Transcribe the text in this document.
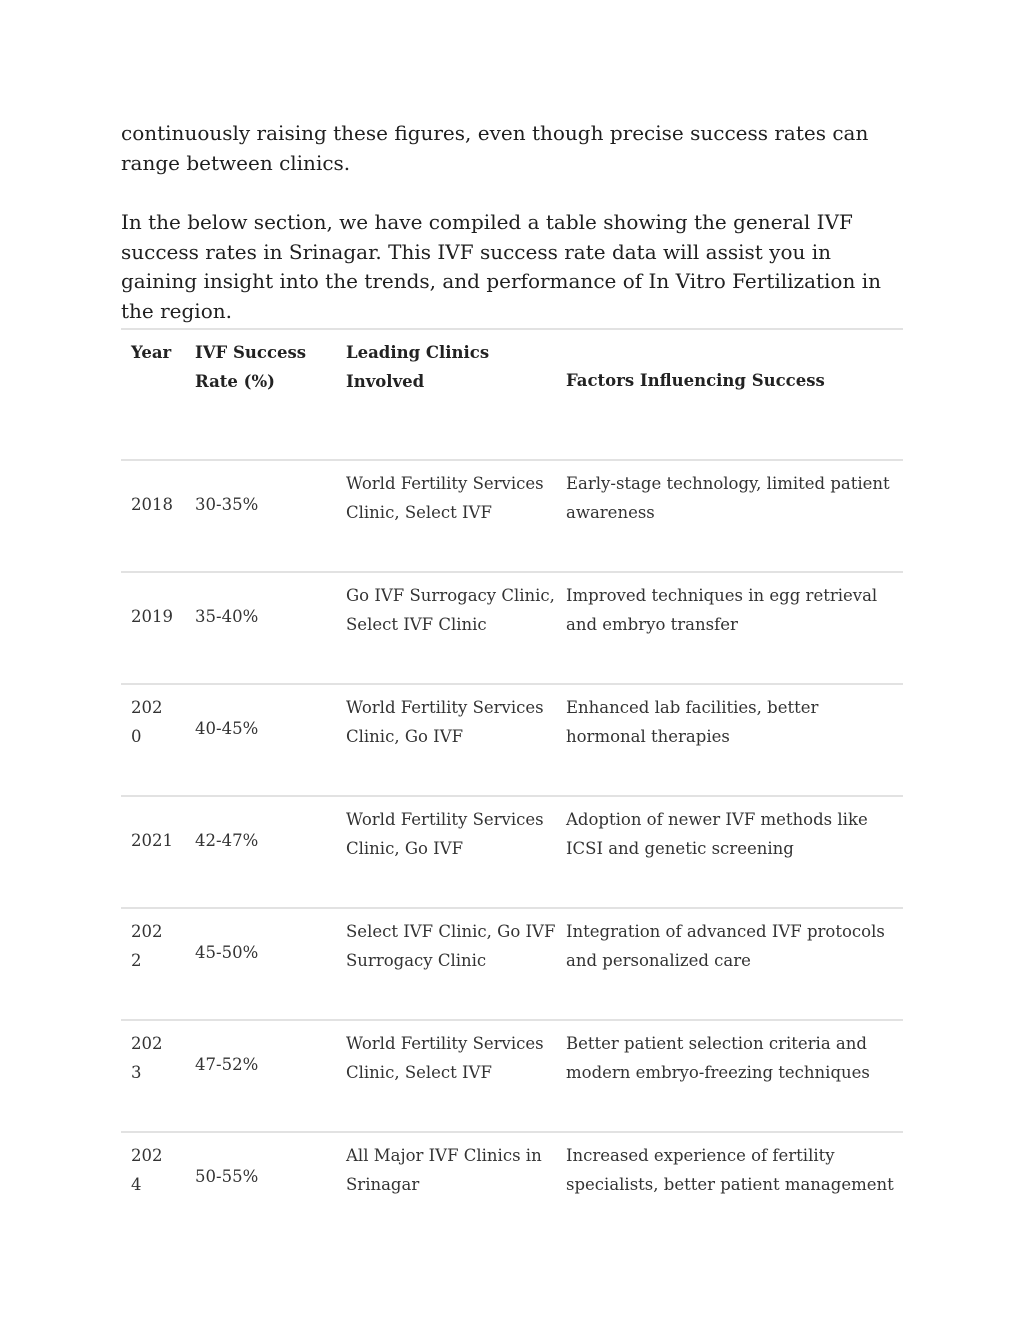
continuously raising these figures, even though precise success rates can range between clinics.

In the below section, we have compiled a table showing the general IVF success rates in Srinagar. This IVF success rate data will assist you in gaining insight into the trends, and performance of In Vitro Fertilization in the region.

Year	IVF Success Rate (%)	Leading Clinics Involved	Factors Influencing Success

2018	30-35%	World Fertility Services Clinic, Select IVF	Early-stage technology, limited patient awareness

2019	35-40%	Go IVF Surrogacy Clinic, Select IVF Clinic	Improved techniques in egg retrieval and embryo transfer
2020	40-45%	World Fertility Services Clinic, Go IVF	Enhanced lab facilities, better hormonal therapies

2021	42-47%	World Fertility Services Clinic, Go IVF	Adoption of newer IVF methods like ICSI and genetic screening
2022	45-50%	Select IVF Clinic, Go IVF Surrogacy Clinic	Integration of advanced IVF protocols and personalized care
2023	47-52%	World Fertility Services Clinic, Select IVF	Better patient selection criteria and modern embryo-freezing techniques
2024	50-55%	All Major IVF Clinics in Srinagar	Increased experience of fertility specialists, better patient management
